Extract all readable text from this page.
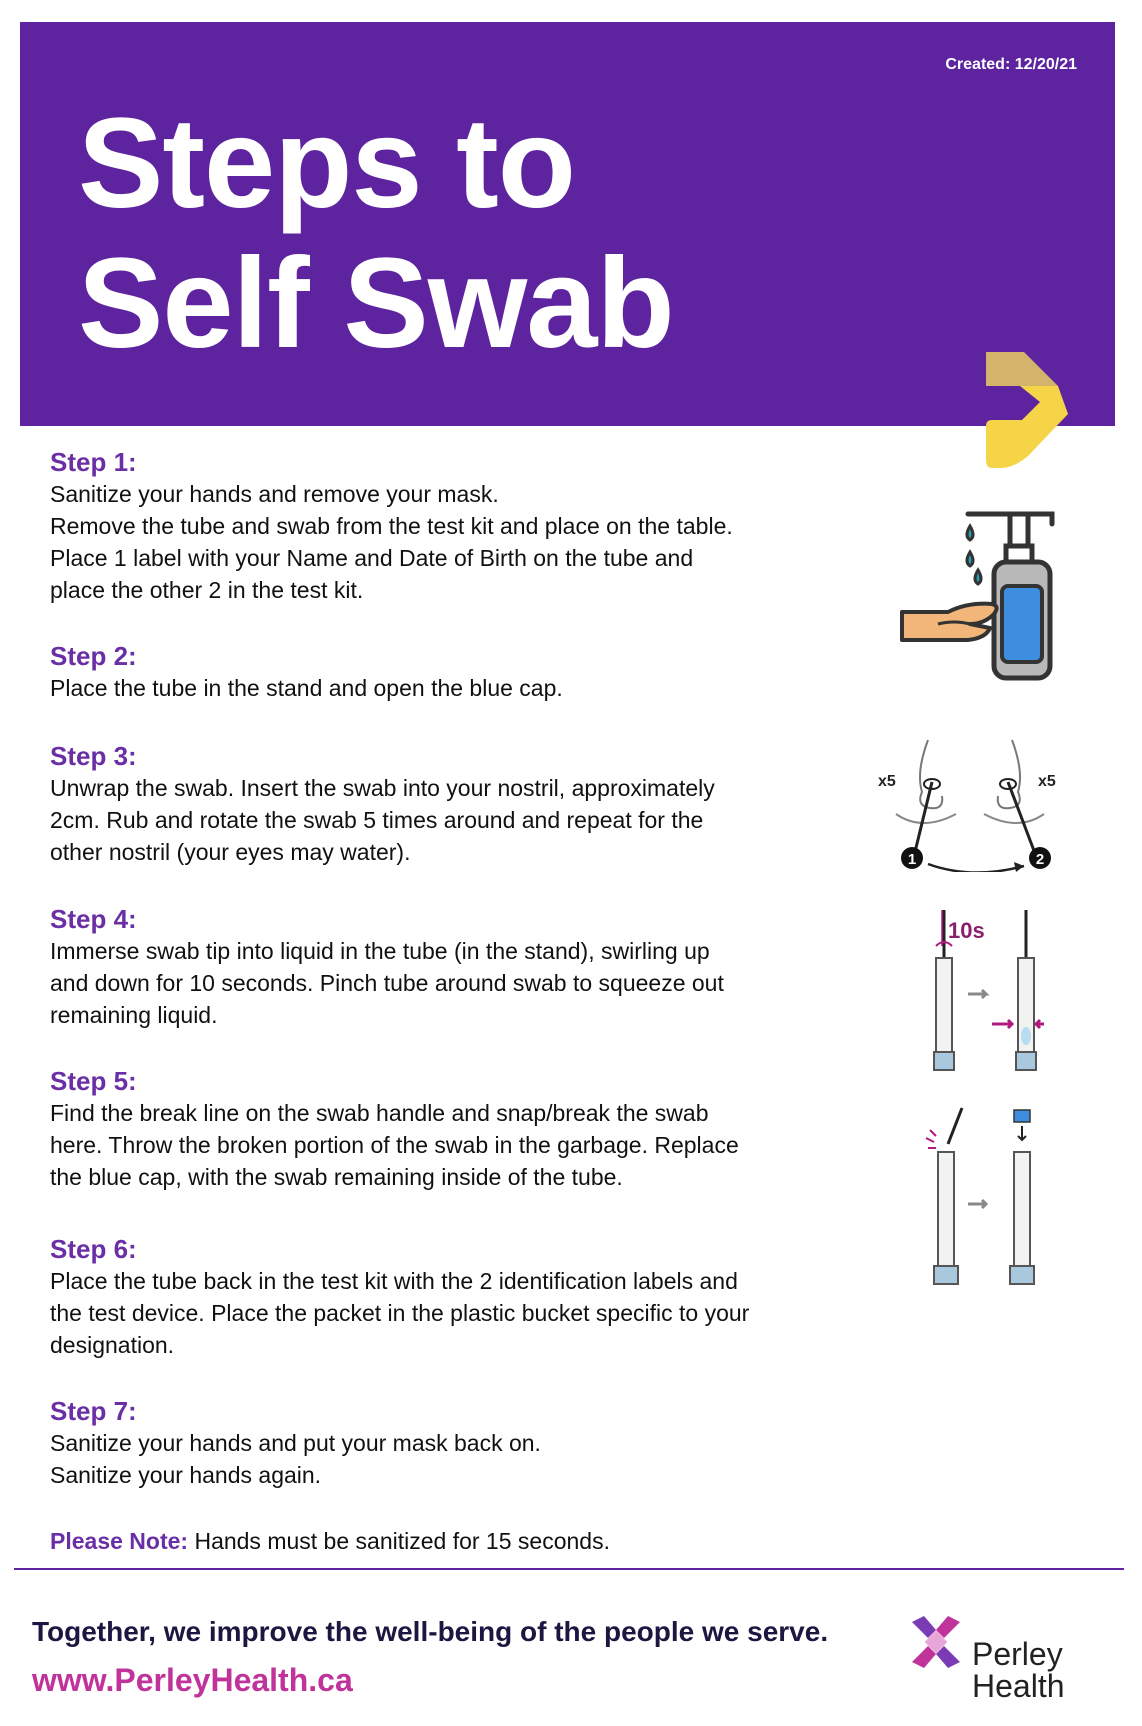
Created: 12/20/21
Steps to
Self Swab
Step 1:
Sanitize your hands and remove your mask.
Remove the tube and swab from the test kit and place on the table.
Place 1 label with your Name and Date of Birth on the tube and
place the other 2 in the test kit.
Step 2:
Place the tube in the stand and open the blue cap.
Step 3:
Unwrap the swab. Insert the swab into your nostril, approximately
2cm. Rub and rotate the swab 5 times around and repeat for the
other nostril (your eyes may water).
Step 4:
Immerse swab tip into liquid in the tube (in the stand), swirling up
and down for 10 seconds. Pinch tube around swab to squeeze out
remaining liquid.
Step 5:
Find the break line on the swab handle and snap/break the swab
here. Throw the broken portion of the swab in the garbage. Replace
the blue cap, with the swab remaining inside of the tube.
Step 6:
Place the tube back in the test kit with the 2 identification labels and
the test device. Place the packet in the plastic bucket specific to your
designation.
Step 7:
Sanitize your hands and put your mask back on.
Sanitize your hands again.
Please Note: Hands must be sanitized for 15 seconds.
x5	x5
1	2
10s
Together, we improve the well-being of the people we serve.
www.PerleyHealth.ca
Perley
Health
